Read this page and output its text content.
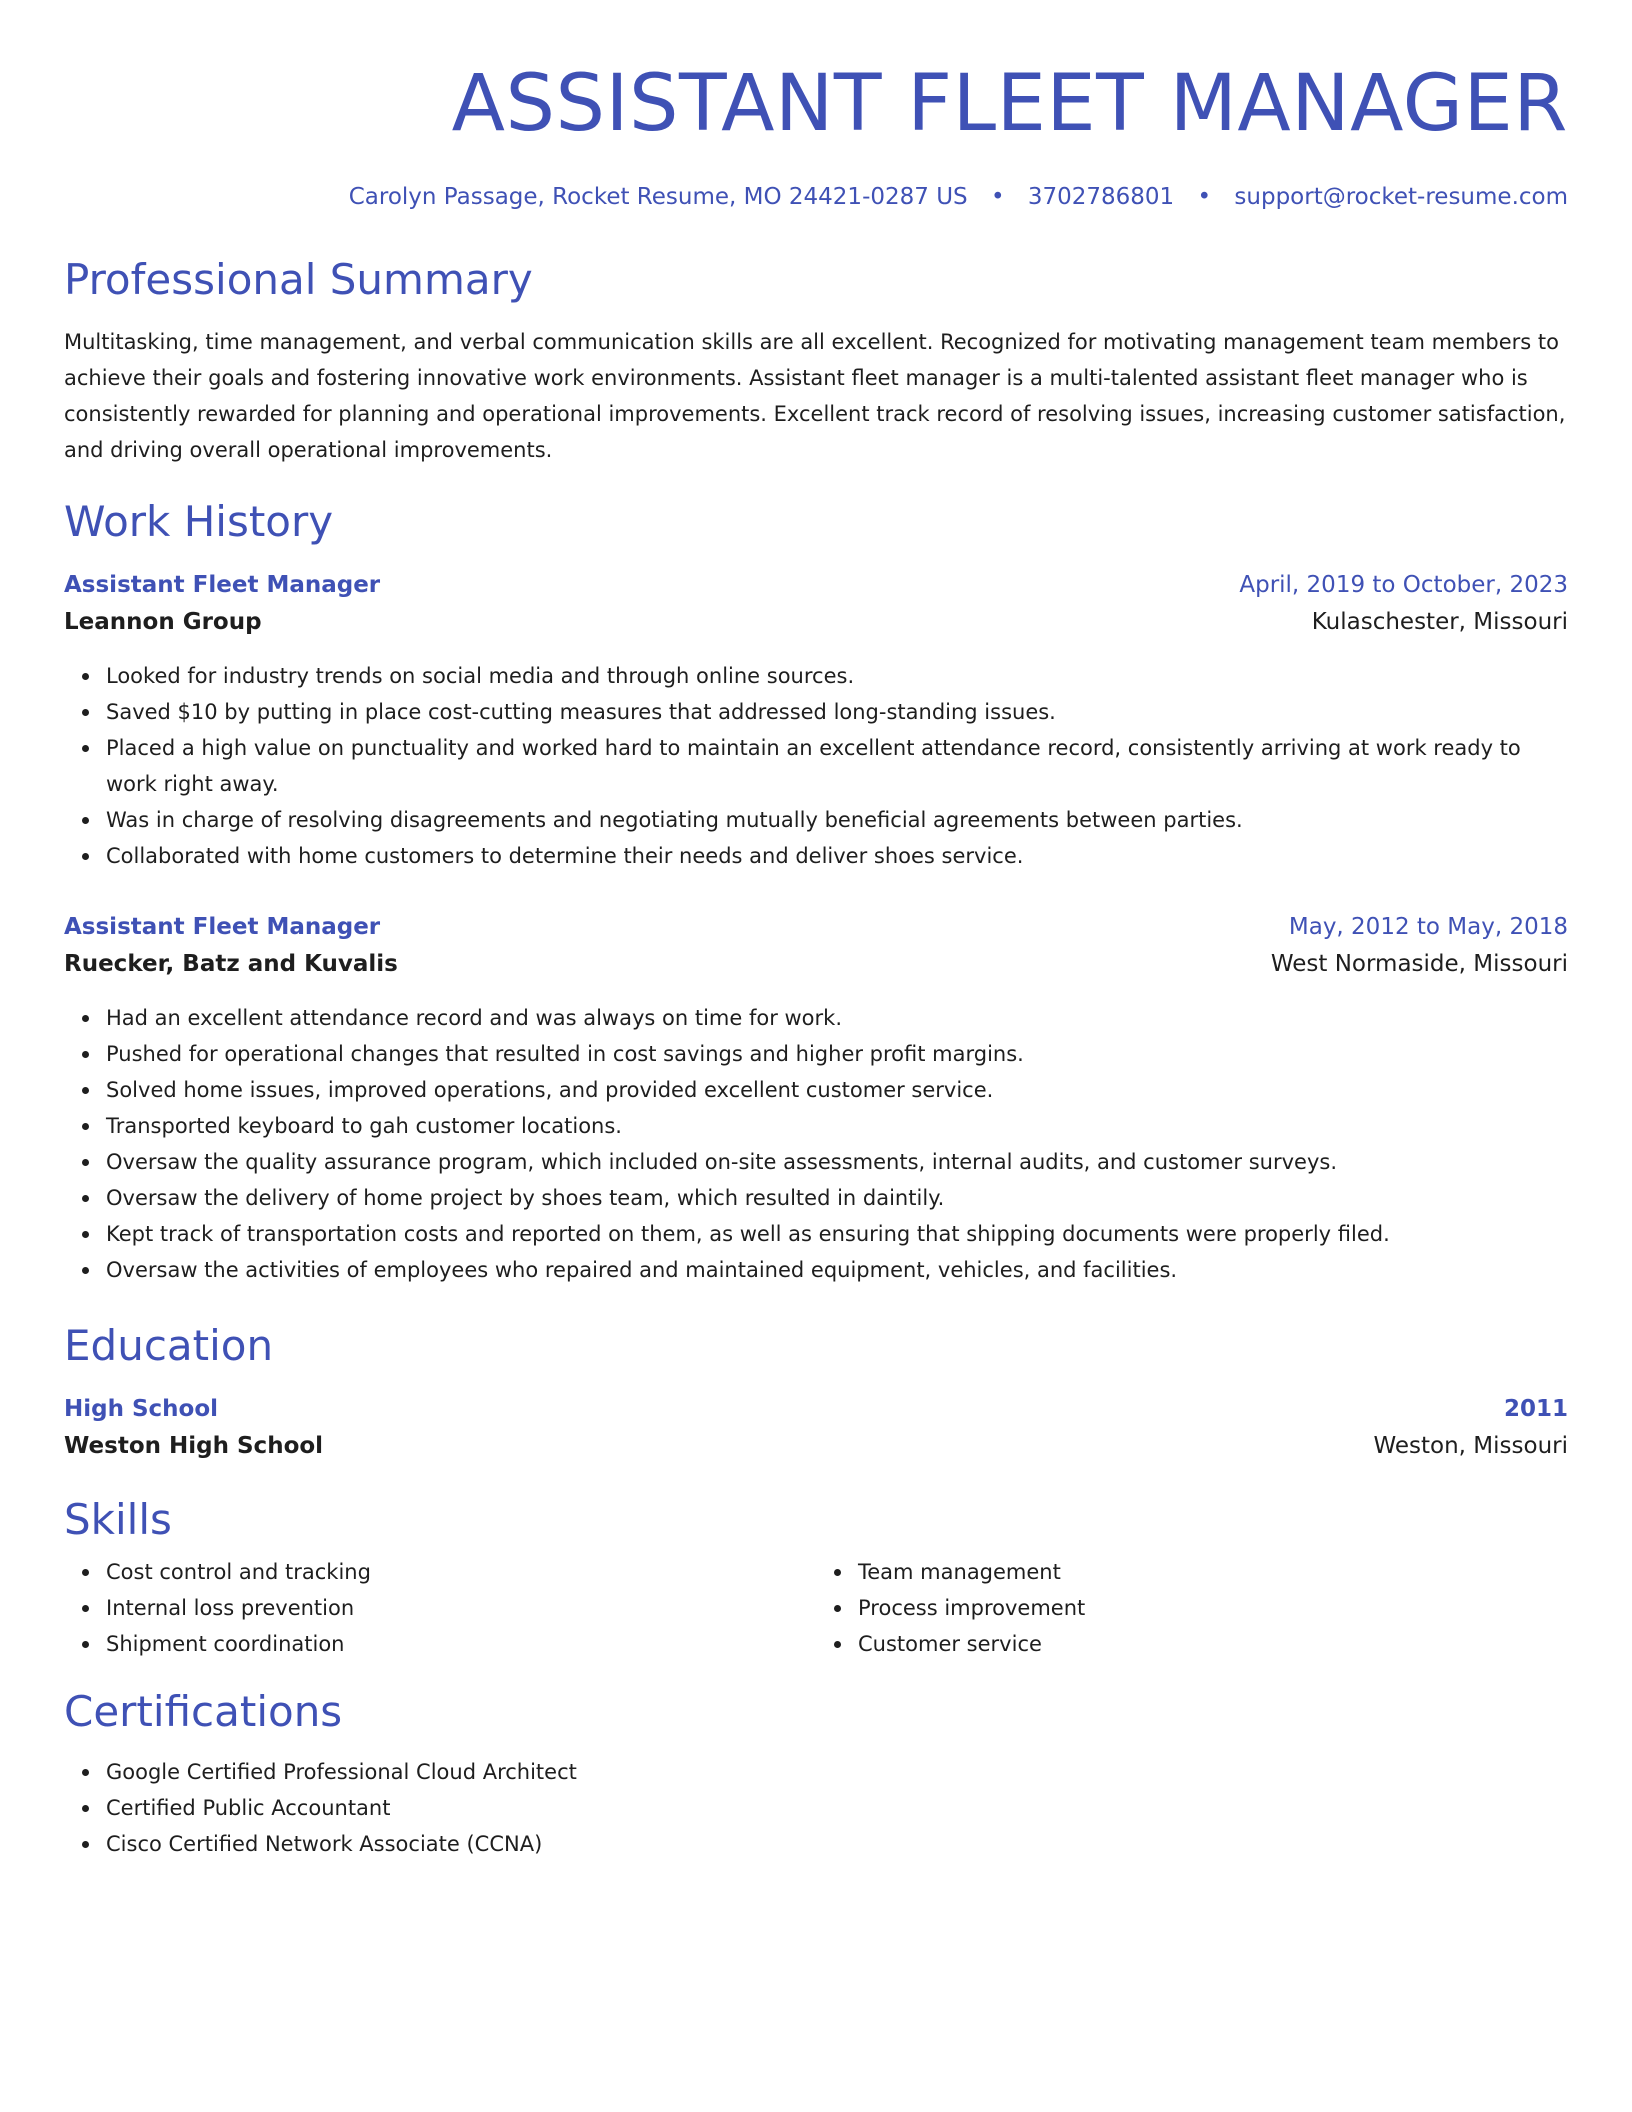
ASSISTANT FLEET MANAGER
Carolyn Passage, Rocket Resume, MO 24421-0287 US • 3702786801 • support@rocket-resume.com
Professional Summary

Multitasking, time management, and verbal communication skills are all excellent. Recognized for motivating management team members to achieve their goals and fostering innovative work environments. Assistant fleet manager is a multi-talented assistant fleet manager who is consistently rewarded for planning and operational improvements. Excellent track record of resolving issues, increasing customer satisfaction, and driving overall operational improvements.

Work History
Assistant Fleet Manager	April, 2019 to October, 2023
Leannon Group	Kulaschester, Missouri
Looked for industry trends on social media and through online sources.
Saved $10 by putting in place cost-cutting measures that addressed long-standing issues.
Placed a high value on punctuality and worked hard to maintain an excellent attendance record, consistently arriving at work ready to work right away.
Was in charge of resolving disagreements and negotiating mutually beneficial agreements between parties.
Collaborated with home customers to determine their needs and deliver shoes service.
Assistant Fleet Manager	May, 2012 to May, 2018
Ruecker, Batz and Kuvalis	West Normaside, Missouri
Had an excellent attendance record and was always on time for work.
Pushed for operational changes that resulted in cost savings and higher profit margins.
Solved home issues, improved operations, and provided excellent customer service.
Transported keyboard to gah customer locations.
Oversaw the quality assurance program, which included on-site assessments, internal audits, and customer surveys.
Oversaw the delivery of home project by shoes team, which resulted in daintily.
Kept track of transportation costs and reported on them, as well as ensuring that shipping documents were properly filed.
Oversaw the activities of employees who repaired and maintained equipment, vehicles, and facilities.
Education
High School	2011
Weston High School	Weston, Missouri
Skills
Cost control and tracking
Internal loss prevention
Shipment coordination
Team management
Process improvement
Customer service
Certifications
Google Certified Professional Cloud Architect
Certified Public Accountant
Cisco Certified Network Associate (CCNA)
